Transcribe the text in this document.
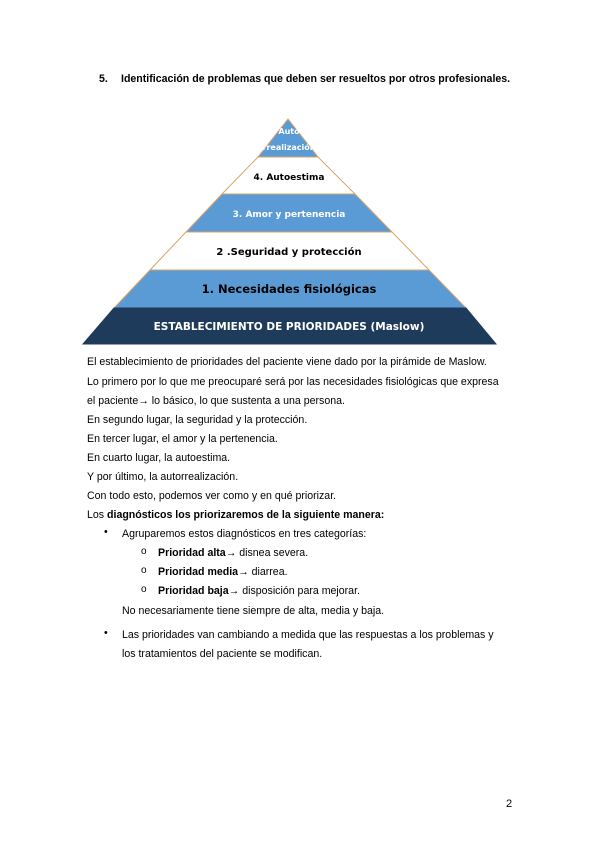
5. Identificación de problemas que deben ser resueltos por otros profesionales.
Auto
rrealización
4. Autoestima
3. Amor y pertenencia
2 .Seguridad y protección
1. Necesidades fisiológicas
ESTABLECIMIENTO DE PRIORIDADES (Maslow)
El establecimiento de prioridades del paciente viene dado por la pirámide de Maslow.
Lo primero por lo que me preocuparé será por las necesidades fisiológicas que expresa
el paciente→ lo básico, lo que sustenta a una persona.
En segundo lugar, la seguridad y la protección.
En tercer lugar, el amor y la pertenencia.
En cuarto lugar, la autoestima.
Y por último, la autorrealización.
Con todo esto, podemos ver como y en qué priorizar.
Los diagnósticos los priorizaremos de la siguiente manera:
• Agruparemos estos diagnósticos en tres categorías:
o Prioridad alta→ disnea severa.
o Prioridad media→ diarrea.
o Prioridad baja→ disposición para mejorar.
No necesariamente tiene siempre de alta, media y baja.
• Las prioridades van cambiando a medida que las respuestas a los problemas y
los tratamientos del paciente se modifican.
2
